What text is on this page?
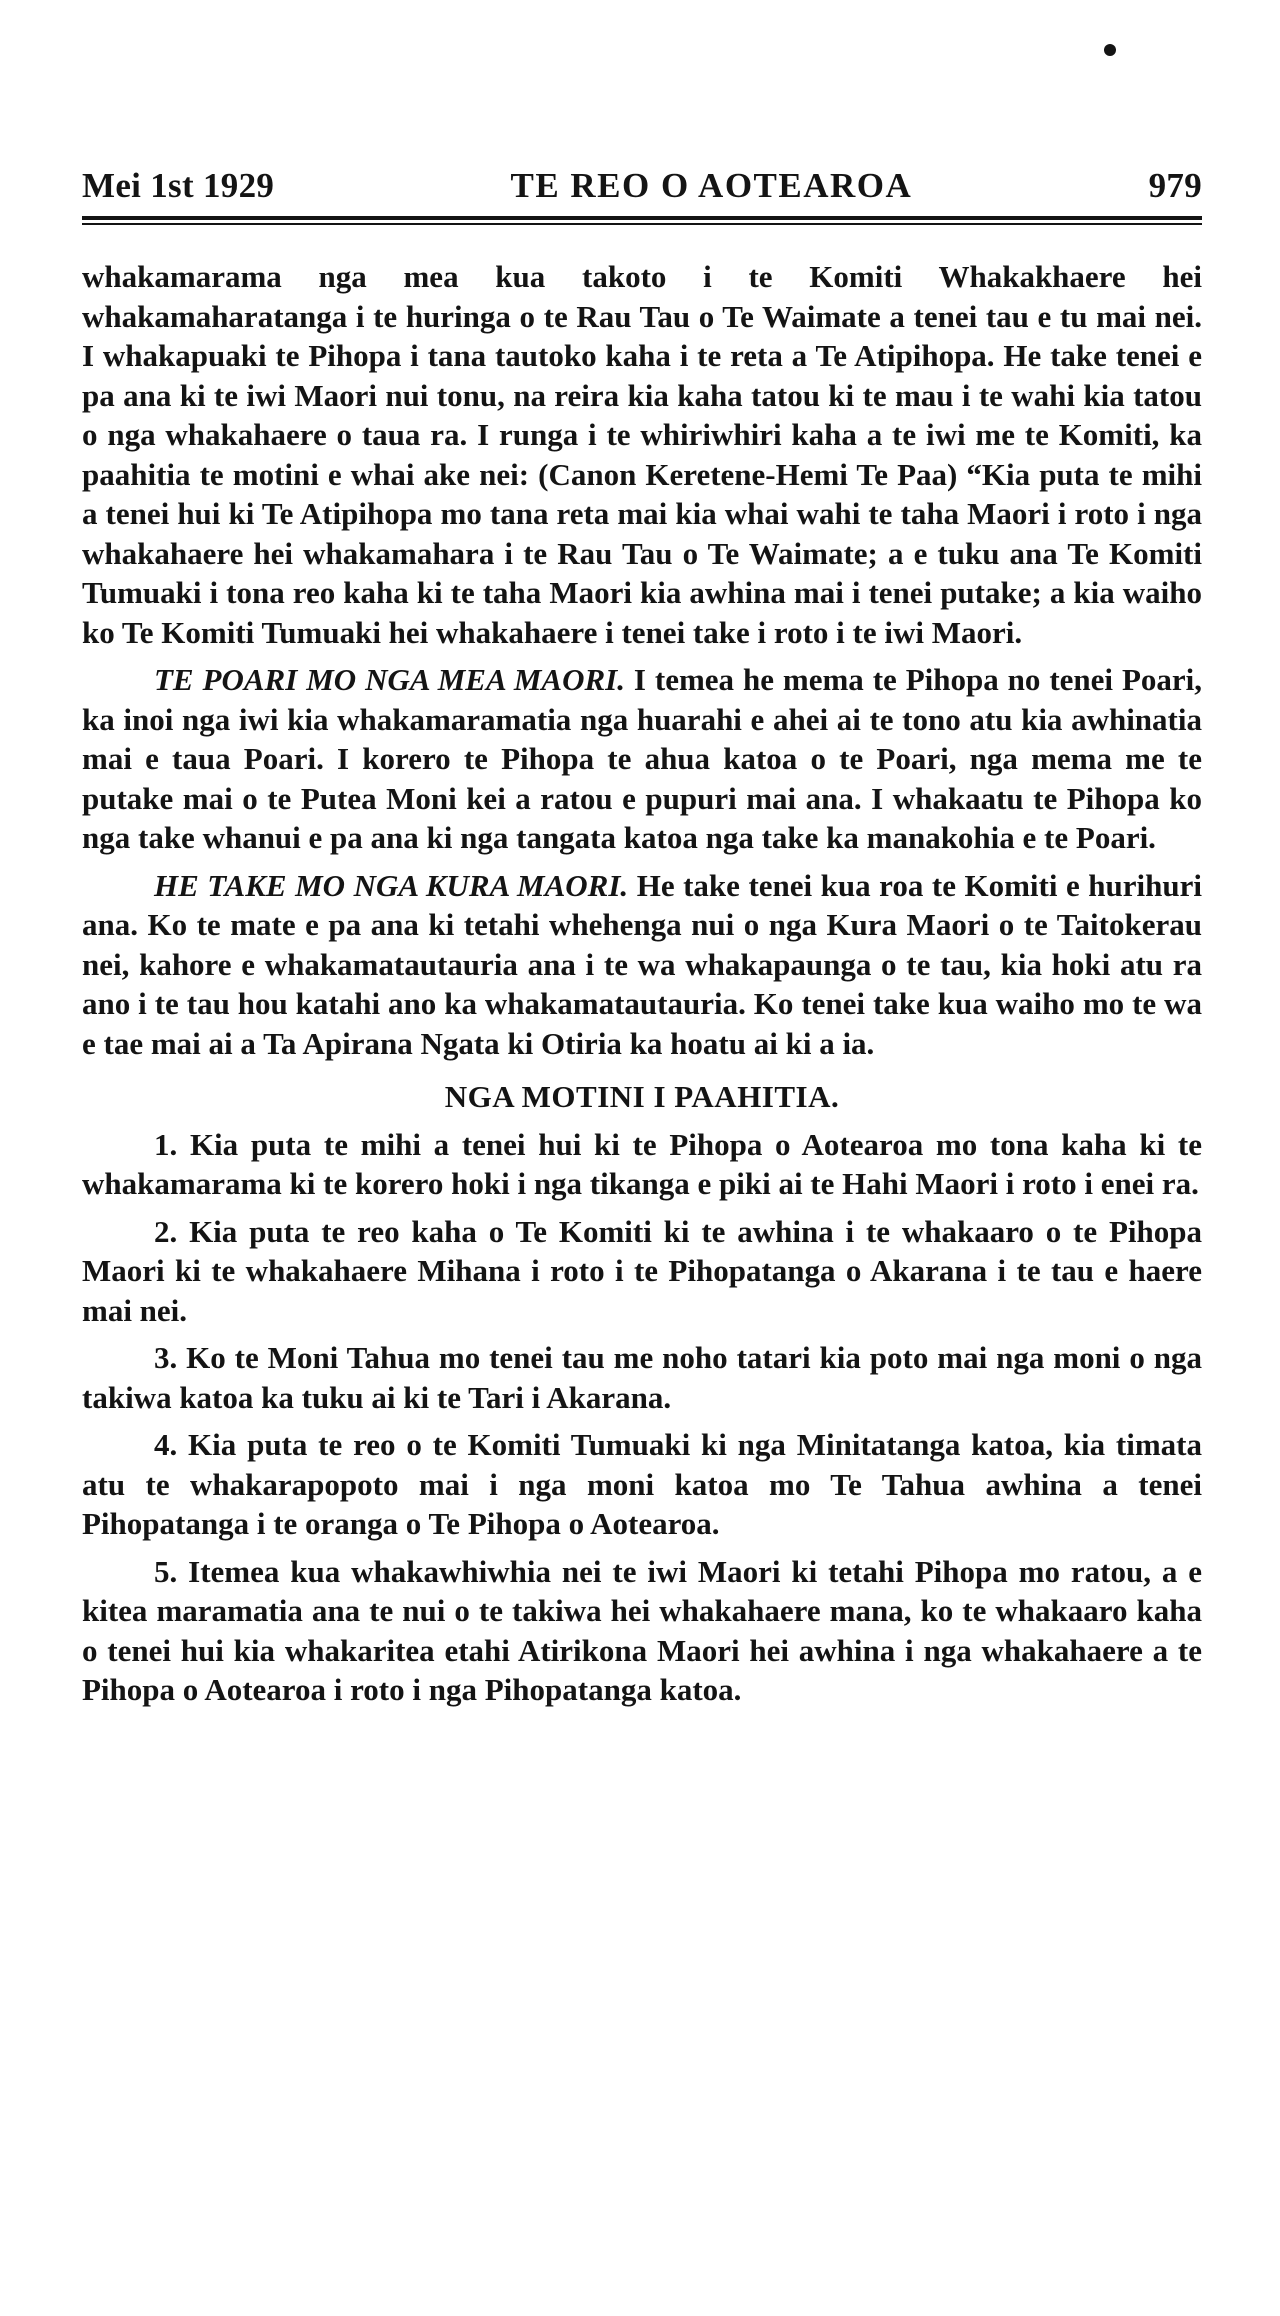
Mei 1st 1929	TE REO O AOTEAROA	979

whakamarama nga mea kua takoto i te Komiti Whakakhaere hei whakamaharatanga i te huringa o te Rau Tau o Te Waimate a tenei tau e tu mai nei. I whakapuaki te Pihopa i tana tautoko kaha i te reta a Te Atipihopa. He take tenei e pa ana ki te iwi Maori nui tonu, na reira kia kaha tatou ki te mau i te wahi kia tatou o nga whakahaere o taua ra. I runga i te whiriwhiri kaha a te iwi me te Komiti, ka paahitia te motini e whai ake nei: (Canon Keretene-Hemi Te Paa) “Kia puta te mihi a tenei hui ki Te Atipihopa mo tana reta mai kia whai wahi te taha Maori i roto i nga whakahaere hei whakamahara i te Rau Tau o Te Waimate; a e tuku ana Te Komiti Tumuaki i tona reo kaha ki te taha Maori kia awhina mai i tenei putake; a kia waiho ko Te Komiti Tumuaki hei whakahaere i tenei take i roto i te iwi Maori.

TE POARI MO NGA MEA MAORI. I temea he mema te Pihopa no tenei Poari, ka inoi nga iwi kia whakamaramatia nga huarahi e ahei ai te tono atu kia awhinatia mai e taua Poari. I korero te Pihopa te ahua katoa o te Poari, nga mema me te putake mai o te Putea Moni kei a ratou e pupuri mai ana. I whakaatu te Pihopa ko nga take whanui e pa ana ki nga tangata katoa nga take ka manakohia e te Poari.

HE TAKE MO NGA KURA MAORI. He take tenei kua roa te Komiti e hurihuri ana. Ko te mate e pa ana ki tetahi whehenga nui o nga Kura Maori o te Taitokerau nei, kahore e whakamatautauria ana i te wa whakapaunga o te tau, kia hoki atu ra ano i te tau hou katahi ano ka whakamatautauria. Ko tenei take kua waiho mo te wa e tae mai ai a Ta Apirana Ngata ki Otiria ka hoatu ai ki a ia.

NGA MOTINI I PAAHITIA.

1. Kia puta te mihi a tenei hui ki te Pihopa o Aotearoa mo tona kaha ki te whakamarama ki te korero hoki i nga tikanga e piki ai te Hahi Maori i roto i enei ra.

2. Kia puta te reo kaha o Te Komiti ki te awhina i te whakaaro o te Pihopa Maori ki te whakahaere Mihana i roto i te Pihopatanga o Akarana i te tau e haere mai nei.

3. Ko te Moni Tahua mo tenei tau me noho tatari kia poto mai nga moni o nga takiwa katoa ka tuku ai ki te Tari i Akarana.

4. Kia puta te reo o te Komiti Tumuaki ki nga Minitatanga katoa, kia timata atu te whakarapopoto mai i nga moni katoa mo Te Tahua awhina a tenei Pihopatanga i te oranga o Te Pihopa o Aotearoa.

5. Itemea kua whakawhiwhia nei te iwi Maori ki tetahi Pihopa mo ratou, a e kitea maramatia ana te nui o te takiwa hei whakahaere mana, ko te whakaaro kaha o tenei hui kia whakaritea etahi Atirikona Maori hei awhina i nga whakahaere a te Pihopa o Aotearoa i roto i nga Pihopatanga katoa.
